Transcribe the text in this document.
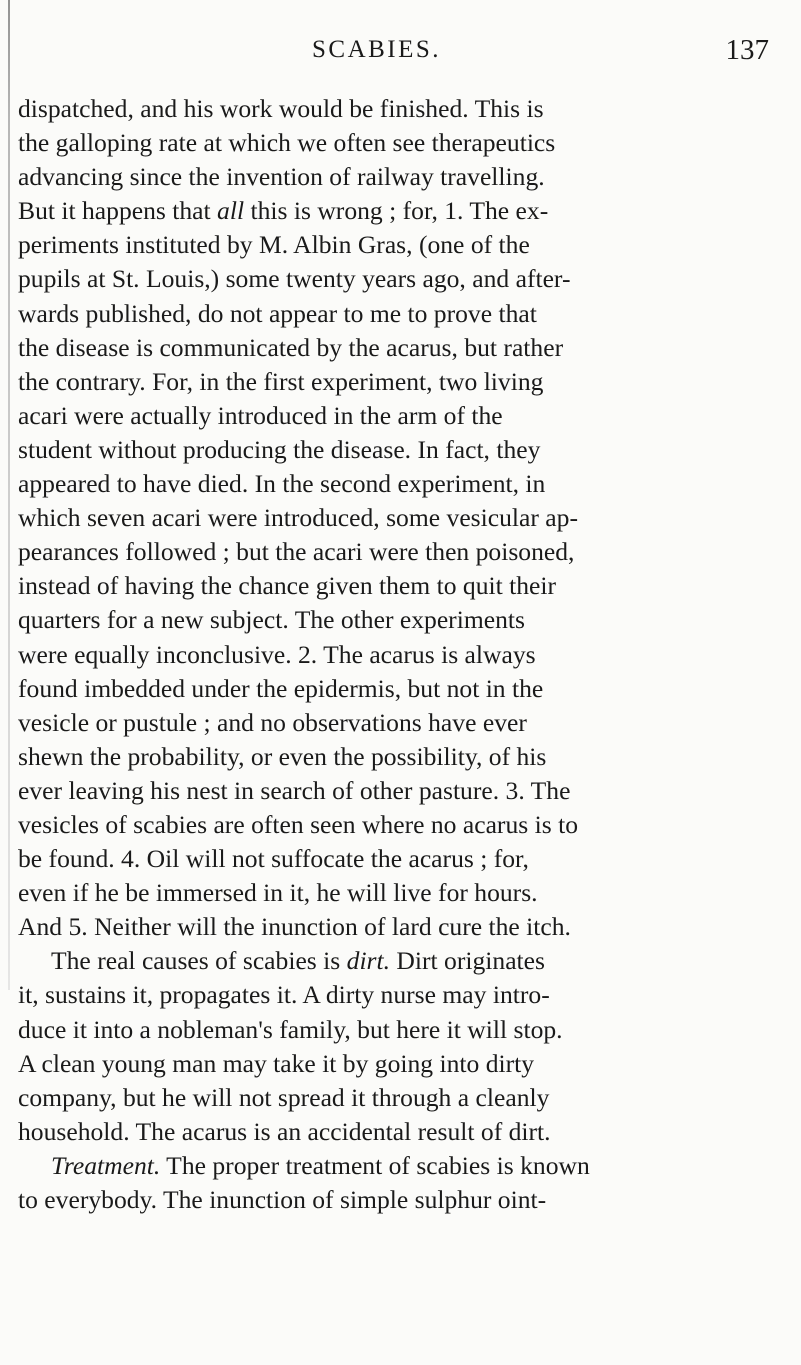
SCABIES.	137
dispatched, and his work would be finished. This is
the galloping rate at which we often see therapeutics
advancing since the invention of railway travelling.
But it happens that all this is wrong ; for, 1. The ex-
periments instituted by M. Albin Gras, (one of the
pupils at St. Louis,) some twenty years ago, and after-
wards published, do not appear to me to prove that
the disease is communicated by the acarus, but rather
the contrary. For, in the first experiment, two living
acari were actually introduced in the arm of the
student without producing the disease. In fact, they
appeared to have died. In the second experiment, in
which seven acari were introduced, some vesicular ap-
pearances followed ; but the acari were then poisoned,
instead of having the chance given them to quit their
quarters for a new subject. The other experiments
were equally inconclusive. 2. The acarus is always
found imbedded under the epidermis, but not in the
vesicle or pustule ; and no observations have ever
shewn the probability, or even the possibility, of his
ever leaving his nest in search of other pasture. 3. The
vesicles of scabies are often seen where no acarus is to
be found. 4. Oil will not suffocate the acarus ; for,
even if he be immersed in it, he will live for hours.
And 5. Neither will the inunction of lard cure the itch.
The real causes of scabies is dirt. Dirt originates
it, sustains it, propagates it. A dirty nurse may intro-
duce it into a nobleman's family, but here it will stop.
A clean young man may take it by going into dirty
company, but he will not spread it through a cleanly
household. The acarus is an accidental result of dirt.
Treatment. The proper treatment of scabies is known
to everybody. The inunction of simple sulphur oint-
